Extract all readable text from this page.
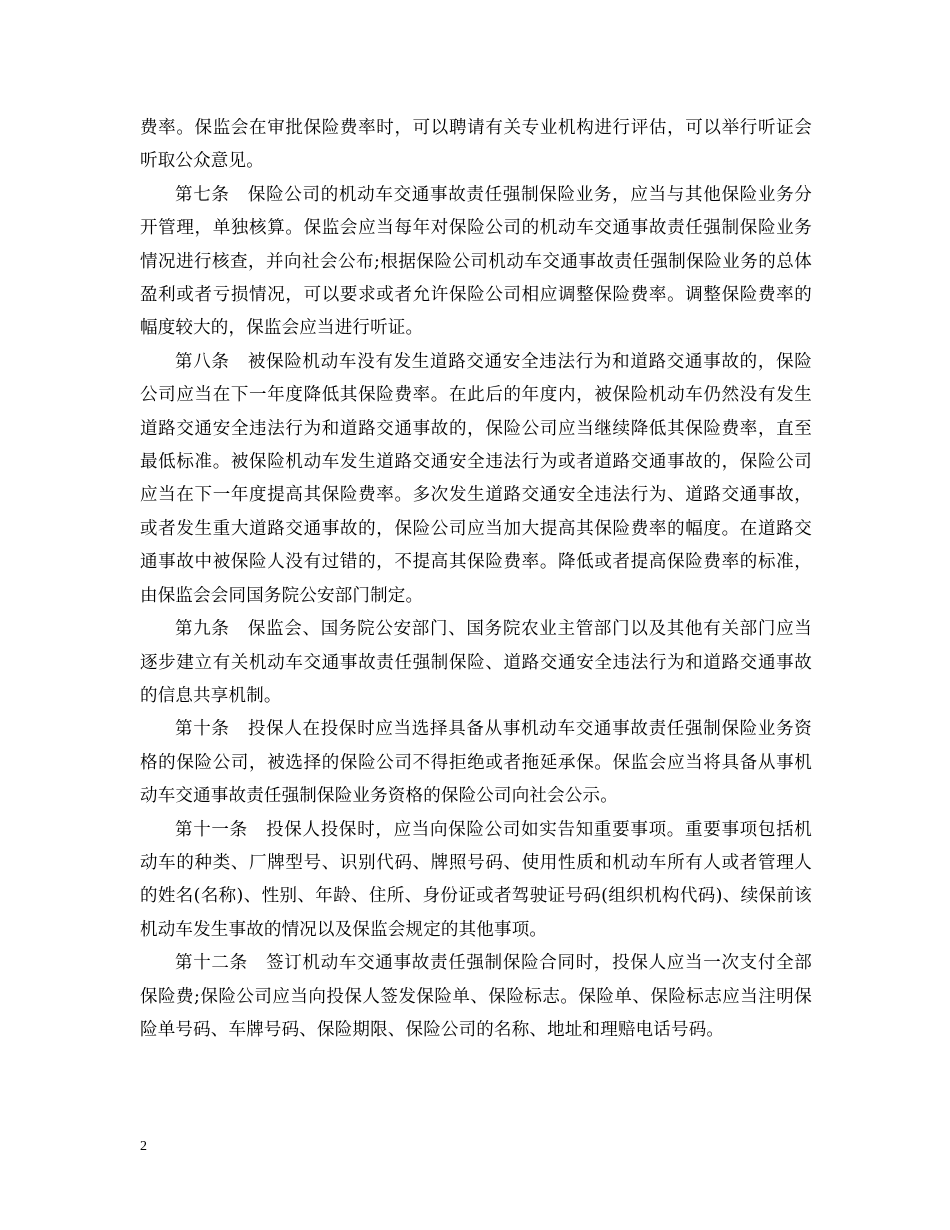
费率。保监会在审批保险费率时，可以聘请有关专业机构进行评估，可以举行听证会听取公众意见。

第七条　保险公司的机动车交通事故责任强制保险业务，应当与其他保险业务分开管理，单独核算。保监会应当每年对保险公司的机动车交通事故责任强制保险业务情况进行核查，并向社会公布;根据保险公司机动车交通事故责任强制保险业务的总体盈利或者亏损情况，可以要求或者允许保险公司相应调整保险费率。调整保险费率的幅度较大的，保监会应当进行听证。

第八条　被保险机动车没有发生道路交通安全违法行为和道路交通事故的，保险公司应当在下一年度降低其保险费率。在此后的年度内，被保险机动车仍然没有发生道路交通安全违法行为和道路交通事故的，保险公司应当继续降低其保险费率，直至最低标准。被保险机动车发生道路交通安全违法行为或者道路交通事故的，保险公司应当在下一年度提高其保险费率。多次发生道路交通安全违法行为、道路交通事故，或者发生重大道路交通事故的，保险公司应当加大提高其保险费率的幅度。在道路交通事故中被保险人没有过错的，不提高其保险费率。降低或者提高保险费率的标准，由保监会会同国务院公安部门制定。

第九条　保监会、国务院公安部门、国务院农业主管部门以及其他有关部门应当逐步建立有关机动车交通事故责任强制保险、道路交通安全违法行为和道路交通事故的信息共享机制。

第十条　投保人在投保时应当选择具备从事机动车交通事故责任强制保险业务资格的保险公司，被选择的保险公司不得拒绝或者拖延承保。保监会应当将具备从事机动车交通事故责任强制保险业务资格的保险公司向社会公示。

第十一条　投保人投保时，应当向保险公司如实告知重要事项。重要事项包括机动车的种类、厂牌型号、识别代码、牌照号码、使用性质和机动车所有人或者管理人的姓名(名称)、性别、年龄、住所、身份证或者驾驶证号码(组织机构代码)、续保前该机动车发生事故的情况以及保监会规定的其他事项。

第十二条　签订机动车交通事故责任强制保险合同时，投保人应当一次支付全部保险费;保险公司应当向投保人签发保险单、保险标志。保险单、保险标志应当注明保险单号码、车牌号码、保险期限、保险公司的名称、地址和理赔电话号码。

2
